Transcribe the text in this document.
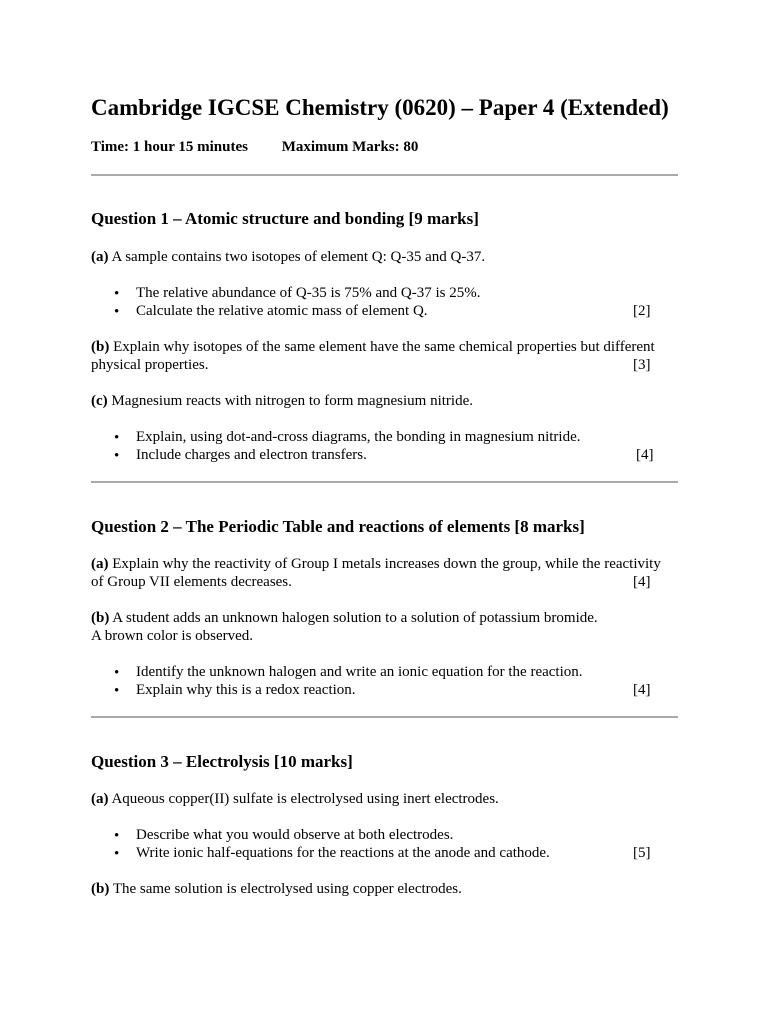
Cambridge IGCSE Chemistry (0620) – Paper 4 (Extended)
Time: 1 hour 15 minutes Maximum Marks: 80
Question 1 – Atomic structure and bonding [9 marks]
(a) A sample contains two isotopes of element Q: Q-35 and Q-37.
• The relative abundance of Q-35 is 75% and Q-37 is 25%.
• Calculate the relative atomic mass of element Q.	[2]
(b) Explain why isotopes of the same element have the same chemical properties but different
physical properties.	[3]
(c) Magnesium reacts with nitrogen to form magnesium nitride.
• Explain, using dot-and-cross diagrams, the bonding in magnesium nitride.
• Include charges and electron transfers.	[4]
Question 2 – The Periodic Table and reactions of elements [8 marks]
(a) Explain why the reactivity of Group I metals increases down the group, while the reactivity
of Group VII elements decreases.	[4]
(b) A student adds an unknown halogen solution to a solution of potassium bromide.
A brown color is observed.
• Identify the unknown halogen and write an ionic equation for the reaction.
• Explain why this is a redox reaction.	[4]
Question 3 – Electrolysis [10 marks]
(a) Aqueous copper(II) sulfate is electrolysed using inert electrodes.
• Describe what you would observe at both electrodes.
• Write ionic half-equations for the reactions at the anode and cathode.	[5]
(b) The same solution is electrolysed using copper electrodes.
